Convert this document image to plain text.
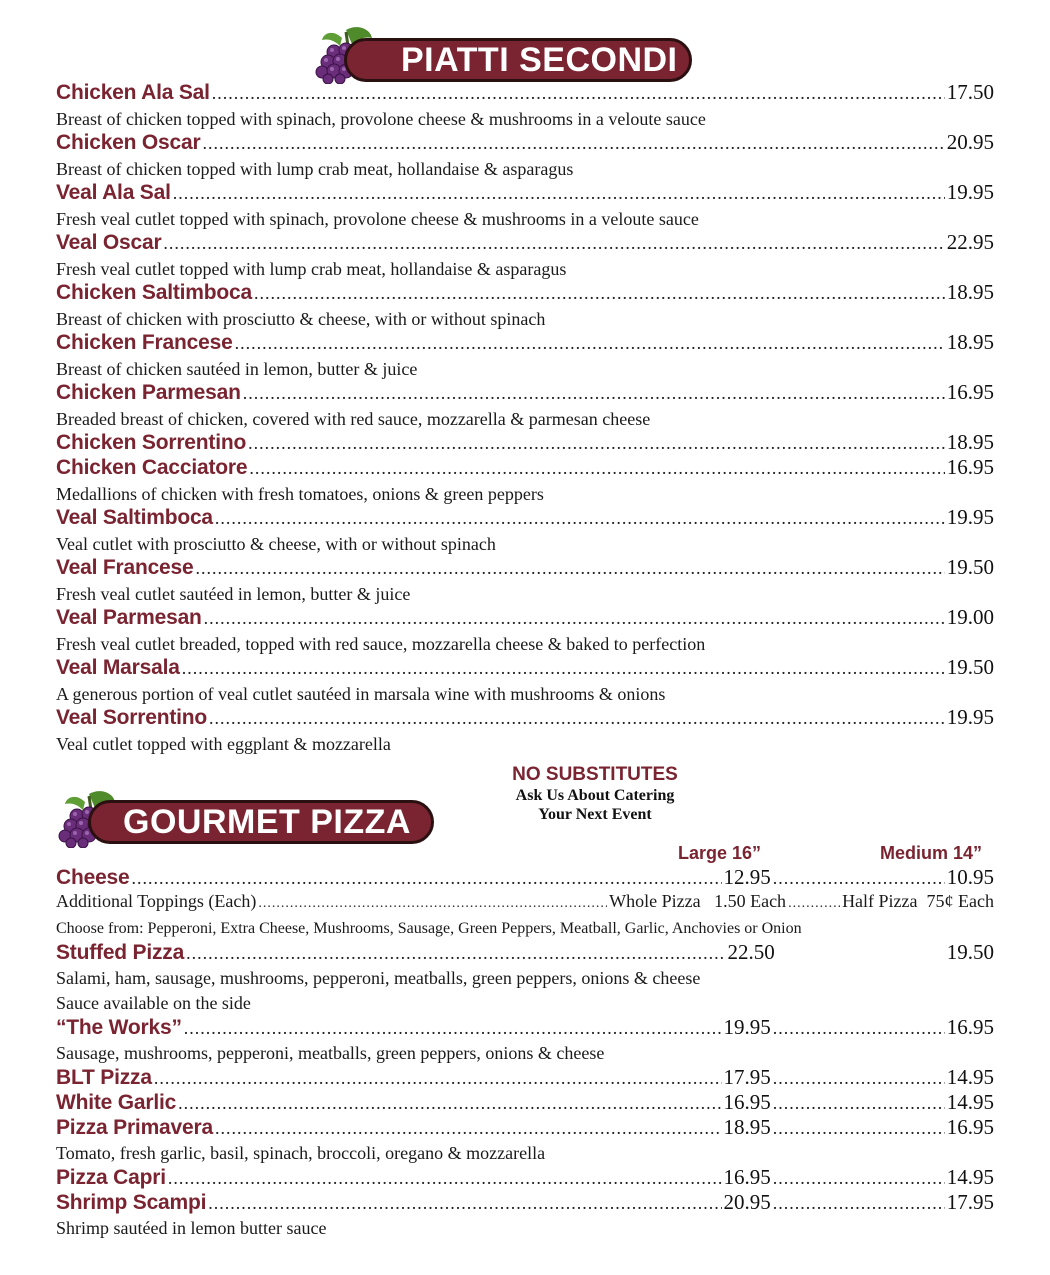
PIATTI SECONDI
GOURMET PIZZA
Chicken Ala Sal .....	17.50
Breast of chicken topped with spinach, provolone cheese & mushrooms in a veloute sauce
Chicken Oscar .....	20.95
Breast of chicken topped with lump crab meat, hollandaise & asparagus
Veal Ala Sal .....	19.95
Fresh veal cutlet topped with spinach, provolone cheese & mushrooms in a veloute sauce
Veal Oscar .....	22.95
Fresh veal cutlet topped with lump crab meat, hollandaise & asparagus
Chicken Saltimboca .....	18.95
Breast of chicken with prosciutto & cheese, with or without spinach
Chicken Francese .....	18.95
Breast of chicken sautéed in lemon, butter & juice
Chicken Parmesan .....	16.95
Breaded breast of chicken, covered with red sauce, mozzarella & parmesan cheese
Chicken Sorrentino .....	18.95
Chicken Cacciatore .....	16.95
Medallions of chicken with fresh tomatoes, onions & green peppers
Veal Saltimboca .....	19.95
Veal cutlet with prosciutto & cheese, with or without spinach
Veal Francese .....	19.50
Fresh veal cutlet sautéed in lemon, butter & juice
Veal Parmesan .....	19.00
Fresh veal cutlet breaded, topped with red sauce, mozzarella cheese & baked to perfection
Veal Marsala .....	19.50
A generous portion of veal cutlet sautéed in marsala wine with mushrooms & onions
Veal Sorrentino .....	19.95
Veal cutlet topped with eggplant & mozzarella
NO SUBSTITUTES
Ask Us About Catering
Your Next Event
Large 16”	Medium 14”
Cheese .....	12.95 .....	10.95
Additional Toppings (Each) .....	Whole Pizza   1.50 Each .....	Half Pizza  75¢ Each
Choose from: Pepperoni, Extra Cheese, Mushrooms, Sausage, Green Peppers, Meatball, Garlic, Anchovies or Onion
Stuffed Pizza .....	22.50	19.50
Salami, ham, sausage, mushrooms, pepperoni, meatballs, green peppers, onions & cheese
Sauce available on the side
“The Works” .....	19.95 .....	16.95
Sausage, mushrooms, pepperoni, meatballs, green peppers, onions & cheese
BLT Pizza .....	17.95 .....	14.95
White Garlic .....	16.95 .....	14.95
Pizza Primavera .....	18.95 .....	16.95
Tomato, fresh garlic, basil, spinach, broccoli, oregano & mozzarella
Pizza Capri .....	16.95 .....	14.95
Shrimp Scampi .....	20.95 .....	17.95
Shrimp sautéed in lemon butter sauce
